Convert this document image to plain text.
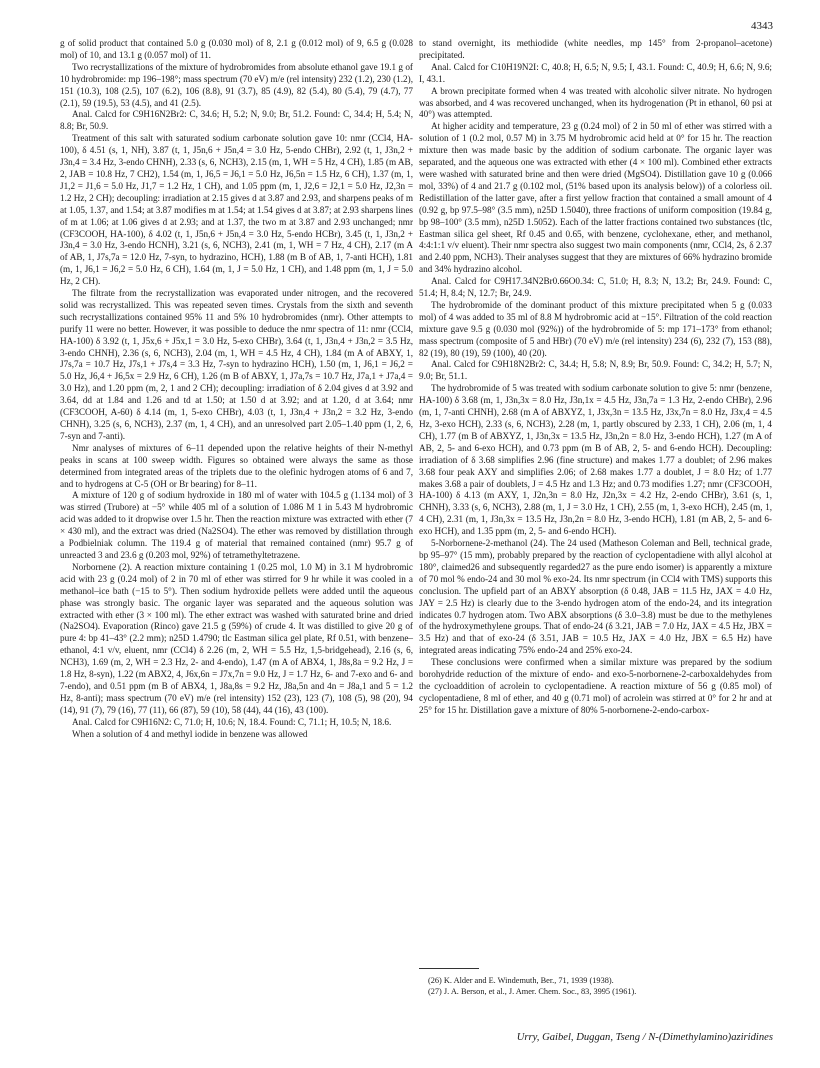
4343

g of solid product that contained 5.0 g (0.030 mol) of 8, 2.1 g (0.012 mol) of 9, 6.5 g (0.028 mol) of 10, and 13.1 g (0.057 mol) of 11.

Two recrystallizations of the mixture of hydrobromides from absolute ethanol gave 19.1 g of 10 hydrobromide: mp 196–198°; mass spectrum (70 eV) m/e (rel intensity) 232 (1.2), 230 (1.2), 151 (10.3), 108 (2.5), 107 (6.2), 106 (8.8), 91 (3.7), 85 (4.9), 82 (5.4), 80 (5.4), 79 (4.7), 77 (2.1), 59 (19.5), 53 (4.5), and 41 (2.5).

Anal. Calcd for C9H16N2Br2: C, 34.6; H, 5.2; N, 9.0; Br, 51.2. Found: C, 34.4; H, 5.4; N, 8.8; Br, 50.9.

Treatment of this salt with saturated sodium carbonate solution gave 10: nmr (CCl4, HA-100), δ 4.51 (s, 1, NH), 3.87 (t, 1, J5n,6 + J5n,4 = 3.0 Hz, 5-endo CHBr), 2.92 (t, 1, J3n,2 + J3n,4 = 3.4 Hz, 3-endo CHNH), 2.33 (s, 6, NCH3), 2.15 (m, 1, WH = 5 Hz, 4 CH), 1.85 (m AB, 2, JAB = 10.8 Hz, 7 CH2), 1.54 (m, 1, J6,5 = J6,1 = 5.0 Hz, J6,5n = 1.5 Hz, 6 CH), 1.37 (m, 1, J1,2 = J1,6 = 5.0 Hz, J1,7 = 1.2 Hz, 1 CH), and 1.05 ppm (m, 1, J2,6 = J2,1 = 5.0 Hz, J2,3n = 1.2 Hz, 2 CH); decoupling: irradiation at 2.15 gives d at 3.87 and 2.93, and sharpens peaks of m at 1.05, 1.37, and 1.54; at 3.87 modifies m at 1.54; at 1.54 gives d at 3.87; at 2.93 sharpens lines of m at 1.06; at 1.06 gives d at 2.93; and at 1.37, the two m at 3.87 and 2.93 unchanged; nmr (CF3COOH, HA-100), δ 4.02 (t, 1, J5n,6 + J5n,4 = 3.0 Hz, 5-endo HCBr), 3.45 (t, 1, J3n,2 + J3n,4 = 3.0 Hz, 3-endo HCNH), 3.21 (s, 6, NCH3), 2.41 (m, 1, WH = 7 Hz, 4 CH), 2.17 (m A of AB, 1, J7s,7a = 12.0 Hz, 7-syn, to hydrazino, HCH), 1.88 (m B of AB, 1, 7-anti HCH), 1.81 (m, 1, J6,1 = J6,2 = 5.0 Hz, 6 CH), 1.64 (m, 1, J = 5.0 Hz, 1 CH), and 1.48 ppm (m, 1, J = 5.0 Hz, 2 CH).

The filtrate from the recrystallization was evaporated under nitrogen, and the recovered solid was recrystallized. This was repeated seven times. Crystals from the sixth and seventh such recrystallizations contained 95% 11 and 5% 10 hydrobromides (nmr). Other attempts to purify 11 were no better. However, it was possible to deduce the nmr spectra of 11: nmr (CCl4, HA-100) δ 3.92 (t, 1, J5x,6 + J5x,1 = 3.0 Hz, 5-exo CHBr), 3.64 (t, 1, J3n,4 + J3n,2 = 3.5 Hz, 3-endo CHNH), 2.36 (s, 6, NCH3), 2.04 (m, 1, WH = 4.5 Hz, 4 CH), 1.84 (m A of ABXY, 1, J7s,7a = 10.7 Hz, J7s,1 + J7s,4 = 3.3 Hz, 7-syn to hydrazino HCH), 1.50 (m, 1, J6,1 = J6,2 = 5.0 Hz, J6,4 + J6,5x = 2.9 Hz, 6 CH), 1.26 (m B of ABXY, 1, J7a,7s = 10.7 Hz, J7a,1 + J7a,4 = 3.0 Hz), and 1.20 ppm (m, 2, 1 and 2 CH); decoupling: irradiation of δ 2.04 gives d at 3.92 and 3.64, dd at 1.84 and 1.26 and td at 1.50; at 1.50 d at 3.92; and at 1.20, d at 3.64; nmr (CF3COOH, A-60) δ 4.14 (m, 1, 5-exo CHBr), 4.03 (t, 1, J3n,4 + J3n,2 = 3.2 Hz, 3-endo CHNH), 3.25 (s, 6, NCH3), 2.37 (m, 1, 4 CH), and an unresolved part 2.05–1.40 ppm (1, 2, 6, 7-syn and 7-anti).

Nmr analyses of mixtures of 6–11 depended upon the relative heights of their N-methyl peaks in scans at 100 sweep width. Figures so obtained were always the same as those determined from integrated areas of the triplets due to the olefinic hydrogen atoms of 6 and 7, and to hydrogens at C-5 (OH or Br bearing) for 8–11.

A mixture of 120 g of sodium hydroxide in 180 ml of water with 104.5 g (1.134 mol) of 3 was stirred (Trubore) at −5° while 405 ml of a solution of 1.086 M 1 in 5.43 M hydrobromic acid was added to it dropwise over 1.5 hr. Then the reaction mixture was extracted with ether (7 × 430 ml), and the extract was dried (Na2SO4). The ether was removed by distillation through a Podbielniak column. The 119.4 g of material that remained contained (nmr) 95.7 g of unreacted 3 and 23.6 g (0.203 mol, 92%) of tetramethyltetrazene.

Norbornene (2). A reaction mixture containing 1 (0.25 mol, 1.0 M) in 3.1 M hydrobromic acid with 23 g (0.24 mol) of 2 in 70 ml of ether was stirred for 9 hr while it was cooled in a methanol–ice bath (−15 to 5°). Then sodium hydroxide pellets were added until the aqueous phase was strongly basic. The organic layer was separated and the aqueous solution was extracted with ether (3 × 100 ml). The ether extract was washed with saturated brine and dried (Na2SO4). Evaporation (Rinco) gave 21.5 g (59%) of crude 4. It was distilled to give 20 g of pure 4: bp 41–43° (2.2 mm); n25D 1.4790; tlc Eastman silica gel plate, Rf 0.51, with benzene–ethanol, 4:1 v/v, eluent, nmr (CCl4) δ 2.26 (m, 2, WH = 5.5 Hz, 1,5-bridgehead), 2.16 (s, 6, NCH3), 1.69 (m, 2, WH = 2.3 Hz, 2- and 4-endo), 1.47 (m A of ABX4, 1, J8s,8a = 9.2 Hz, J = 1.8 Hz, 8-syn), 1.22 (m ABX2, 4, J6x,6n = J7x,7n = 9.0 Hz, J = 1.7 Hz, 6- and 7-exo and 6- and 7-endo), and 0.51 ppm (m B of ABX4, 1, J8a,8s = 9.2 Hz, J8a,5n and 4n = J8a,1 and 5 = 1.2 Hz, 8-anti); mass spectrum (70 eV) m/e (rel intensity) 152 (23), 123 (7), 108 (5), 98 (20), 94 (14), 91 (7), 79 (16), 77 (11), 66 (87), 59 (10), 58 (44), 44 (16), 43 (100).

Anal. Calcd for C9H16N2: C, 71.0; H, 10.6; N, 18.4. Found: C, 71.1; H, 10.5; N, 18.6.

When a solution of 4 and methyl iodide in benzene was allowed

to stand overnight, its methiodide (white needles, mp 145° from 2-propanol–acetone) precipitated.

Anal. Calcd for C10H19N2I: C, 40.8; H, 6.5; N, 9.5; I, 43.1. Found: C, 40.9; H, 6.6; N, 9.6; I, 43.1.

A brown precipitate formed when 4 was treated with alcoholic silver nitrate. No hydrogen was absorbed, and 4 was recovered unchanged, when its hydrogenation (Pt in ethanol, 60 psi at 40°) was attempted.

At higher acidity and temperature, 23 g (0.24 mol) of 2 in 50 ml of ether was stirred with a solution of 1 (0.2 mol, 0.57 M) in 3.75 M hydrobromic acid held at 0° for 15 hr. The reaction mixture then was made basic by the addition of sodium carbonate. The organic layer was separated, and the aqueous one was extracted with ether (4 × 100 ml). Combined ether extracts were washed with saturated brine and then were dried (MgSO4). Distillation gave 10 g (0.066 mol, 33%) of 4 and 21.7 g (0.102 mol, (51% based upon its analysis below)) of a colorless oil. Redistillation of the latter gave, after a first yellow fraction that contained a small amount of 4 (0.92 g, bp 97.5–98° (3.5 mm), n25D 1.5040), three fractions of uniform composition (19.84 g, bp 98–100° (3.5 mm), n25D 1.5052). Each of the latter fractions contained two substances (tlc, Eastman silica gel sheet, Rf 0.45 and 0.65, with benzene, cyclohexane, ether, and methanol, 4:4:1:1 v/v eluent). Their nmr spectra also suggest two main components (nmr, CCl4, 2s, δ 2.37 and 2.40 ppm, NCH3). Their analyses suggest that they are mixtures of 66% hydrazino bromide and 34% hydrazino alcohol.

Anal. Calcd for C9H17.34N2Br0.66O0.34: C, 51.0; H, 8.3; N, 13.2; Br, 24.9. Found: C, 51.4; H, 8.4; N, 12.7; Br, 24.9.

The hydrobromide of the dominant product of this mixture precipitated when 5 g (0.033 mol) of 4 was added to 35 ml of 8.8 M hydrobromic acid at −15°. Filtration of the cold reaction mixture gave 9.5 g (0.030 mol (92%)) of the hydrobromide of 5: mp 171–173° from ethanol; mass spectrum (composite of 5 and HBr) (70 eV) m/e (rel intensity) 234 (6), 232 (7), 153 (88), 82 (19), 80 (19), 59 (100), 40 (20).

Anal. Calcd for C9H18N2Br2: C, 34.4; H, 5.8; N, 8.9; Br, 50.9. Found: C, 34.2; H, 5.7; N, 9.0; Br, 51.1.

The hydrobromide of 5 was treated with sodium carbonate solution to give 5: nmr (benzene, HA-100) δ 3.68 (m, 1, J3n,3x = 8.0 Hz, J3n,1x = 4.5 Hz, J3n,7a = 1.3 Hz, 2-endo CHBr), 2.96 (m, 1, 7-anti CHNH), 2.68 (m A of ABXYZ, 1, J3x,3n = 13.5 Hz, J3x,7n = 8.0 Hz, J3x,4 = 4.5 Hz, 3-exo HCH), 2.33 (s, 6, NCH3), 2.28 (m, 1, partly obscured by 2.33, 1 CH), 2.06 (m, 1, 4 CH), 1.77 (m B of ABXYZ, 1, J3n,3x = 13.5 Hz, J3n,2n = 8.0 Hz, 3-endo HCH), 1.27 (m A of AB, 2, 5- and 6-exo HCH), and 0.73 ppm (m B of AB, 2, 5- and 6-endo HCH). Decoupling: irradiation of δ 3.68 simplifies 2.96 (fine structure) and makes 1.77 a doublet; of 2.96 makes 3.68 four peak AXY and simplifies 2.06; of 2.68 makes 1.77 a doublet, J = 8.0 Hz; of 1.77 makes 3.68 a pair of doublets, J = 4.5 Hz and 1.3 Hz; and 0.73 modifies 1.27; nmr (CF3COOH, HA-100) δ 4.13 (m AXY, 1, J2n,3n = 8.0 Hz, J2n,3x = 4.2 Hz, 2-endo CHBr), 3.61 (s, 1, CHNH), 3.33 (s, 6, NCH3), 2.88 (m, 1, J = 3.0 Hz, 1 CH), 2.55 (m, 1, 3-exo HCH), 2.45 (m, 1, 4 CH), 2.31 (m, 1, J3n,3x = 13.5 Hz, J3n,2n = 8.0 Hz, 3-endo HCH), 1.81 (m AB, 2, 5- and 6-exo HCH), and 1.35 ppm (m, 2, 5- and 6-endo HCH).

5-Norbornene-2-methanol (24). The 24 used (Matheson Coleman and Bell, technical grade, bp 95–97° (15 mm), probably prepared by the reaction of cyclopentadiene with allyl alcohol at 180°, claimed26 and subsequently regarded27 as the pure endo isomer) is apparently a mixture of 70 mol % endo-24 and 30 mol % exo-24. Its nmr spectrum (in CCl4 with TMS) supports this conclusion. The upfield part of an ABXY absorption (δ 0.48, JAB = 11.5 Hz, JAX = 4.0 Hz, JAY = 2.5 Hz) is clearly due to the 3-endo hydrogen atom of the endo-24, and its integration indicates 0.7 hydrogen atom. Two ABX absorptions (δ 3.0–3.8) must be due to the methylenes of the hydroxymethylene groups. That of endo-24 (δ 3.21, JAB = 7.0 Hz, JAX = 4.5 Hz, JBX = 3.5 Hz) and that of exo-24 (δ 3.51, JAB = 10.5 Hz, JAX = 4.0 Hz, JBX = 6.5 Hz) have integrated areas indicating 75% endo-24 and 25% exo-24.

These conclusions were confirmed when a similar mixture was prepared by the sodium borohydride reduction of the mixture of endo- and exo-5-norbornene-2-carboxaldehydes from the cycloaddition of acrolein to cyclopentadiene. A reaction mixture of 56 g (0.85 mol) of cyclopentadiene, 8 ml of ether, and 40 g (0.71 mol) of acrolein was stirred at 0° for 2 hr and at 25° for 15 hr. Distillation gave a mixture of 80% 5-norbornene-2-endo-carbox-

(26) K. Alder and E. Windemuth, Ber., 71, 1939 (1938).

(27) J. A. Berson, et al., J. Amer. Chem. Soc., 83, 3995 (1961).

Urry, Gaibel, Duggan, Tseng / N-(Dimethylamino)aziridines
